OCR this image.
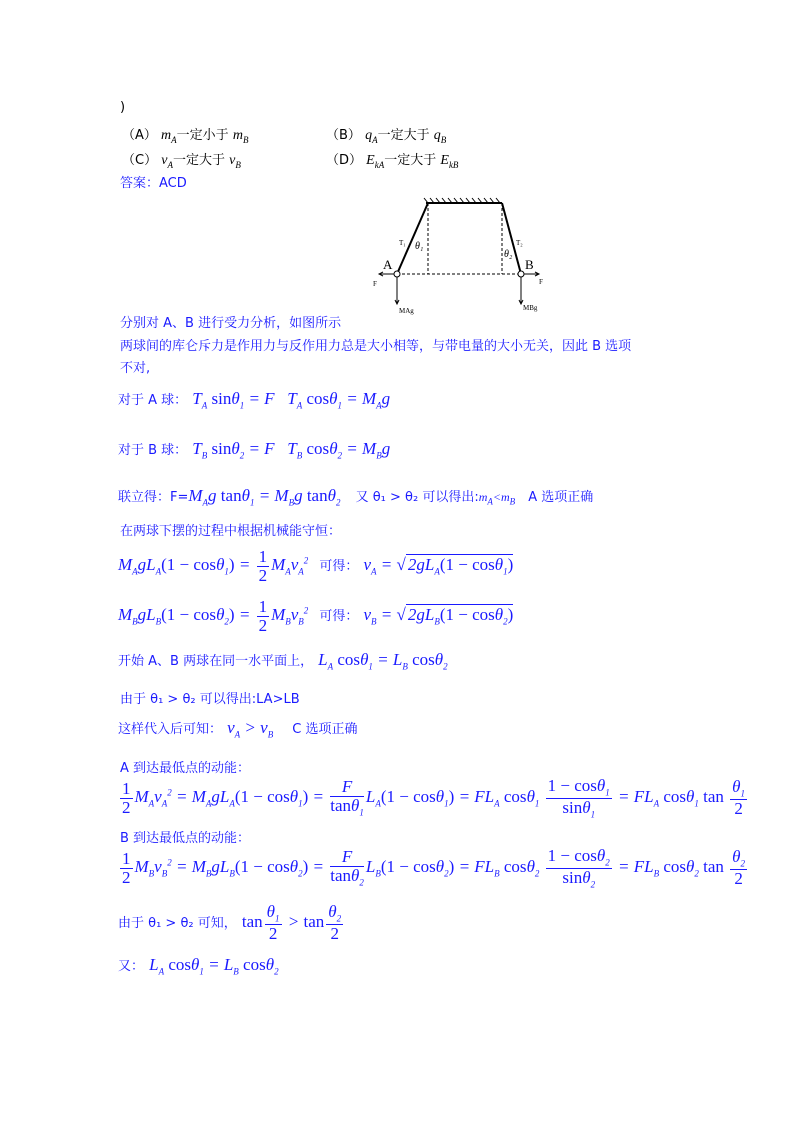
)
（A） $m_A$一定小于 $m_B$	（B） $q_A$一定大于 $q_B$
（C） $v_A$一定大于 $v_B$	（D） $E_{kA}$一定大于 $E_{kB}$
答案：ACD
A	B
F	F
T₁	T₂
θ₁
θ₂
MAg	MBg
分别对 A、B 进行受力分析，如图所示
两球间的库仑斥力是作用力与反作用力总是大小相等，与带电量的大小无关，因此 B 选项
不对,
对于 A 球： $T_A$ sinθ$_1$ = F   $T_A$ $\cos\theta_1 = M_Ag$
对于 B 球： $T_B$ sinθ$_2$ = F   $T_B$ $\cos\theta_2 = M_Bg$
联立得：$F=M_Ag$ $\tan\theta_1 = M_Bg$ tanθ$_2$ 又 θ₁ > θ₂ 可以得出$:m_A<m_B$ A 选项正确
在两球下摆的过程中根据机械能守恒：
$M_AgL_A(1 - \cos\theta_1) = \frac{1}{2} M_Av_A^2$ 可得： $v_A$ = √ $2gL_A(1 - \cos\theta_1)$
$M_BgL_B(1 - \cos\theta_2) = \frac{1}{2} M_Bv_B^2$ 可得： $v_B$ = √ $2gL_B(1 - \cos\theta_2)$
开始 A、B 两球在同一水平面上， $L_A$ $\cos\theta_1 = L_B$ cosθ$_2$
由于 θ₁ > θ₂ 可以得出:LA>LB
这样代入后可知： $v_A > v_B$ C 选项正确
A 到达最低点的动能：
$\frac{1}{2} M_Av_A^2 = M_AgL_A(1 - \cos\theta_1) = \frac{F}{\tan\theta_1} L_A(1 - \cos\theta_1) = FL_A$ $\cos\theta_1 \frac{1 - \cos\theta_1}{\sin\theta_1} = FL_A$ cosθ$_1$ $\tan \frac{\theta_1}{2}$
B 到达最低点的动能：
$\frac{1}{2} M_Bv_B^2 = M_BgL_B(1 - \cos\theta_2) = \frac{F}{\tan\theta_2} L_B(1 - \cos\theta_2) = FL_B$ $\cos\theta_2 \frac{1 - \cos\theta_2}{\sin\theta_2} = FL_B$ cosθ$_2$ $\tan \frac{\theta_2}{2}$
由于 θ₁ > θ₂ 可知， $\tan \frac{\theta_1}{2} > \tan \frac{\theta_2}{2}$
又： $L_A$ $\cos\theta_1 = L_B$ cosθ$_2$
